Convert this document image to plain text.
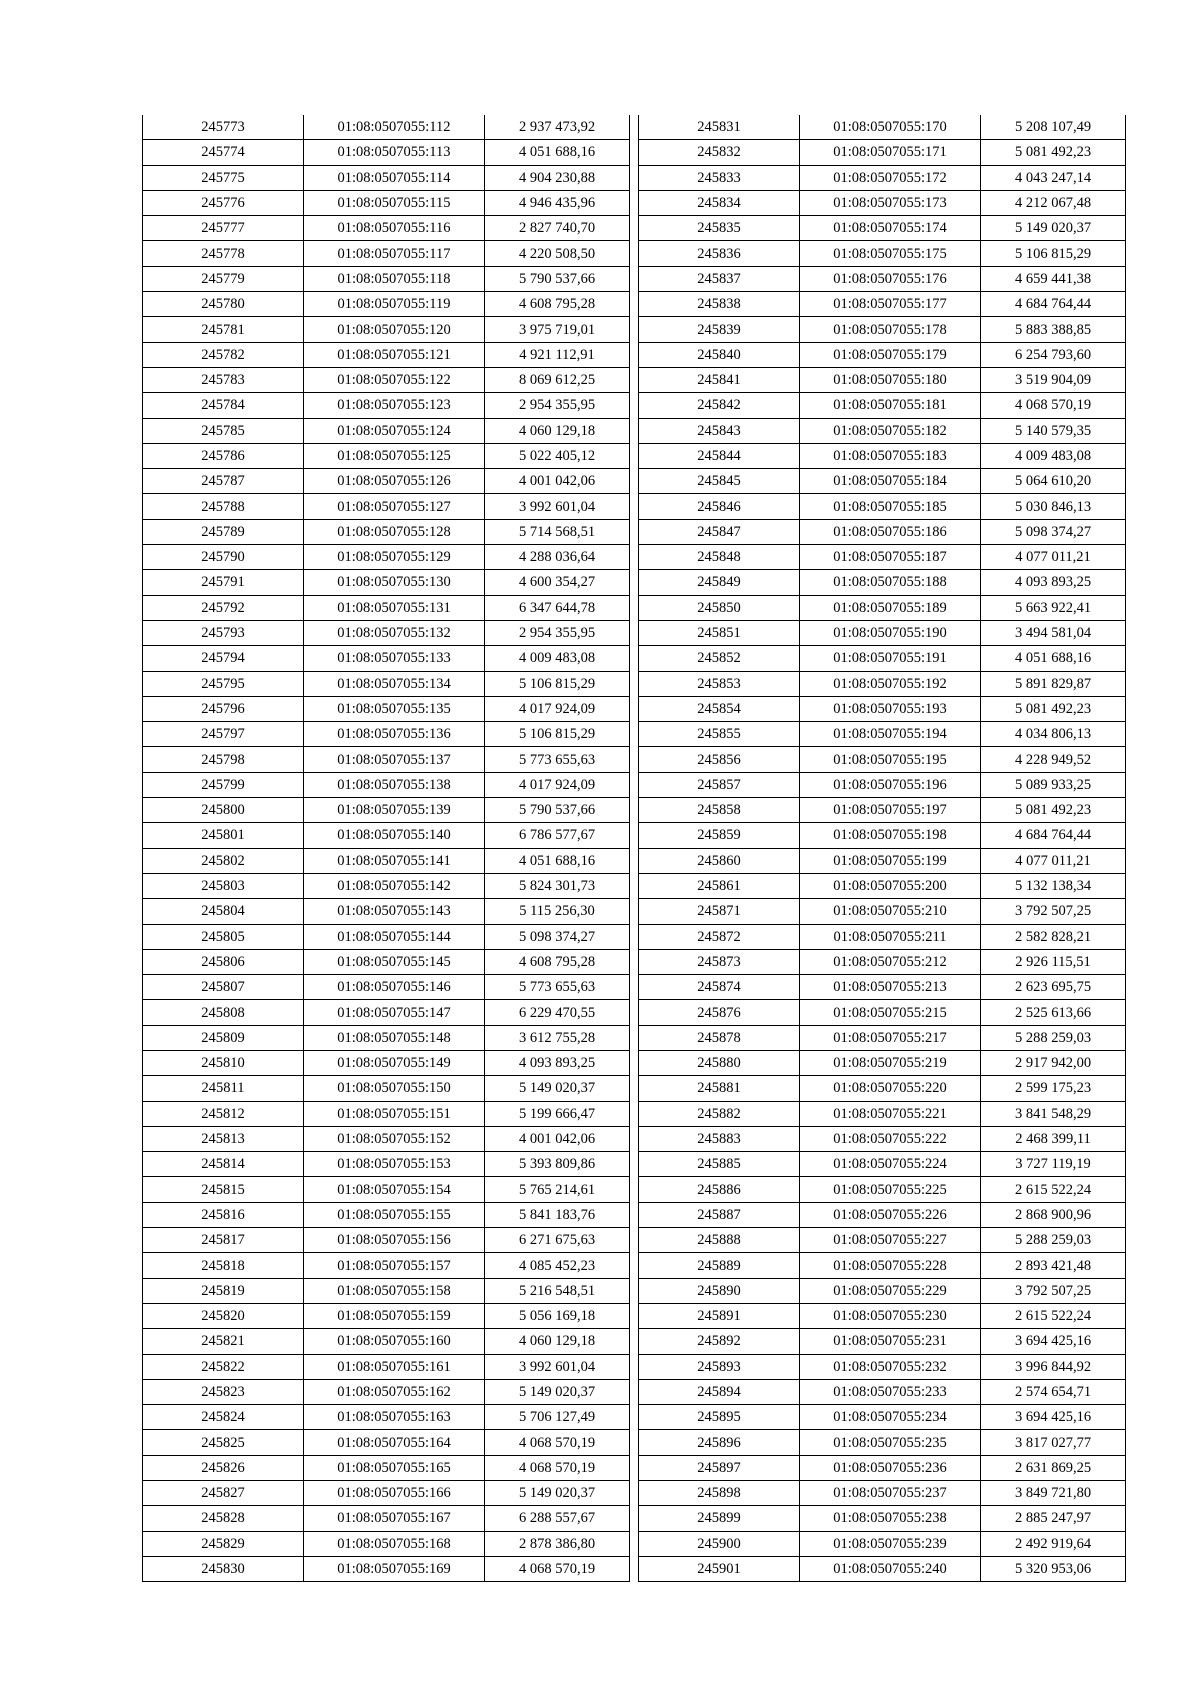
245773	01:08:0507055:112	2 937 473,92
245774	01:08:0507055:113	4 051 688,16
245775	01:08:0507055:114	4 904 230,88
245776	01:08:0507055:115	4 946 435,96
245777	01:08:0507055:116	2 827 740,70
245778	01:08:0507055:117	4 220 508,50
245779	01:08:0507055:118	5 790 537,66
245780	01:08:0507055:119	4 608 795,28
245781	01:08:0507055:120	3 975 719,01
245782	01:08:0507055:121	4 921 112,91
245783	01:08:0507055:122	8 069 612,25
245784	01:08:0507055:123	2 954 355,95
245785	01:08:0507055:124	4 060 129,18
245786	01:08:0507055:125	5 022 405,12
245787	01:08:0507055:126	4 001 042,06
245788	01:08:0507055:127	3 992 601,04
245789	01:08:0507055:128	5 714 568,51
245790	01:08:0507055:129	4 288 036,64
245791	01:08:0507055:130	4 600 354,27
245792	01:08:0507055:131	6 347 644,78
245793	01:08:0507055:132	2 954 355,95
245794	01:08:0507055:133	4 009 483,08
245795	01:08:0507055:134	5 106 815,29
245796	01:08:0507055:135	4 017 924,09
245797	01:08:0507055:136	5 106 815,29
245798	01:08:0507055:137	5 773 655,63
245799	01:08:0507055:138	4 017 924,09
245800	01:08:0507055:139	5 790 537,66
245801	01:08:0507055:140	6 786 577,67
245802	01:08:0507055:141	4 051 688,16
245803	01:08:0507055:142	5 824 301,73
245804	01:08:0507055:143	5 115 256,30
245805	01:08:0507055:144	5 098 374,27
245806	01:08:0507055:145	4 608 795,28
245807	01:08:0507055:146	5 773 655,63
245808	01:08:0507055:147	6 229 470,55
245809	01:08:0507055:148	3 612 755,28
245810	01:08:0507055:149	4 093 893,25
245811	01:08:0507055:150	5 149 020,37
245812	01:08:0507055:151	5 199 666,47
245813	01:08:0507055:152	4 001 042,06
245814	01:08:0507055:153	5 393 809,86
245815	01:08:0507055:154	5 765 214,61
245816	01:08:0507055:155	5 841 183,76
245817	01:08:0507055:156	6 271 675,63
245818	01:08:0507055:157	4 085 452,23
245819	01:08:0507055:158	5 216 548,51
245820	01:08:0507055:159	5 056 169,18
245821	01:08:0507055:160	4 060 129,18
245822	01:08:0507055:161	3 992 601,04
245823	01:08:0507055:162	5 149 020,37
245824	01:08:0507055:163	5 706 127,49
245825	01:08:0507055:164	4 068 570,19
245826	01:08:0507055:165	4 068 570,19
245827	01:08:0507055:166	5 149 020,37
245828	01:08:0507055:167	6 288 557,67
245829	01:08:0507055:168	2 878 386,80
245830	01:08:0507055:169	4 068 570,19
245831	01:08:0507055:170	5 208 107,49
245832	01:08:0507055:171	5 081 492,23
245833	01:08:0507055:172	4 043 247,14
245834	01:08:0507055:173	4 212 067,48
245835	01:08:0507055:174	5 149 020,37
245836	01:08:0507055:175	5 106 815,29
245837	01:08:0507055:176	4 659 441,38
245838	01:08:0507055:177	4 684 764,44
245839	01:08:0507055:178	5 883 388,85
245840	01:08:0507055:179	6 254 793,60
245841	01:08:0507055:180	3 519 904,09
245842	01:08:0507055:181	4 068 570,19
245843	01:08:0507055:182	5 140 579,35
245844	01:08:0507055:183	4 009 483,08
245845	01:08:0507055:184	5 064 610,20
245846	01:08:0507055:185	5 030 846,13
245847	01:08:0507055:186	5 098 374,27
245848	01:08:0507055:187	4 077 011,21
245849	01:08:0507055:188	4 093 893,25
245850	01:08:0507055:189	5 663 922,41
245851	01:08:0507055:190	3 494 581,04
245852	01:08:0507055:191	4 051 688,16
245853	01:08:0507055:192	5 891 829,87
245854	01:08:0507055:193	5 081 492,23
245855	01:08:0507055:194	4 034 806,13
245856	01:08:0507055:195	4 228 949,52
245857	01:08:0507055:196	5 089 933,25
245858	01:08:0507055:197	5 081 492,23
245859	01:08:0507055:198	4 684 764,44
245860	01:08:0507055:199	4 077 011,21
245861	01:08:0507055:200	5 132 138,34
245871	01:08:0507055:210	3 792 507,25
245872	01:08:0507055:211	2 582 828,21
245873	01:08:0507055:212	2 926 115,51
245874	01:08:0507055:213	2 623 695,75
245876	01:08:0507055:215	2 525 613,66
245878	01:08:0507055:217	5 288 259,03
245880	01:08:0507055:219	2 917 942,00
245881	01:08:0507055:220	2 599 175,23
245882	01:08:0507055:221	3 841 548,29
245883	01:08:0507055:222	2 468 399,11
245885	01:08:0507055:224	3 727 119,19
245886	01:08:0507055:225	2 615 522,24
245887	01:08:0507055:226	2 868 900,96
245888	01:08:0507055:227	5 288 259,03
245889	01:08:0507055:228	2 893 421,48
245890	01:08:0507055:229	3 792 507,25
245891	01:08:0507055:230	2 615 522,24
245892	01:08:0507055:231	3 694 425,16
245893	01:08:0507055:232	3 996 844,92
245894	01:08:0507055:233	2 574 654,71
245895	01:08:0507055:234	3 694 425,16
245896	01:08:0507055:235	3 817 027,77
245897	01:08:0507055:236	2 631 869,25
245898	01:08:0507055:237	3 849 721,80
245899	01:08:0507055:238	2 885 247,97
245900	01:08:0507055:239	2 492 919,64
245901	01:08:0507055:240	5 320 953,06
